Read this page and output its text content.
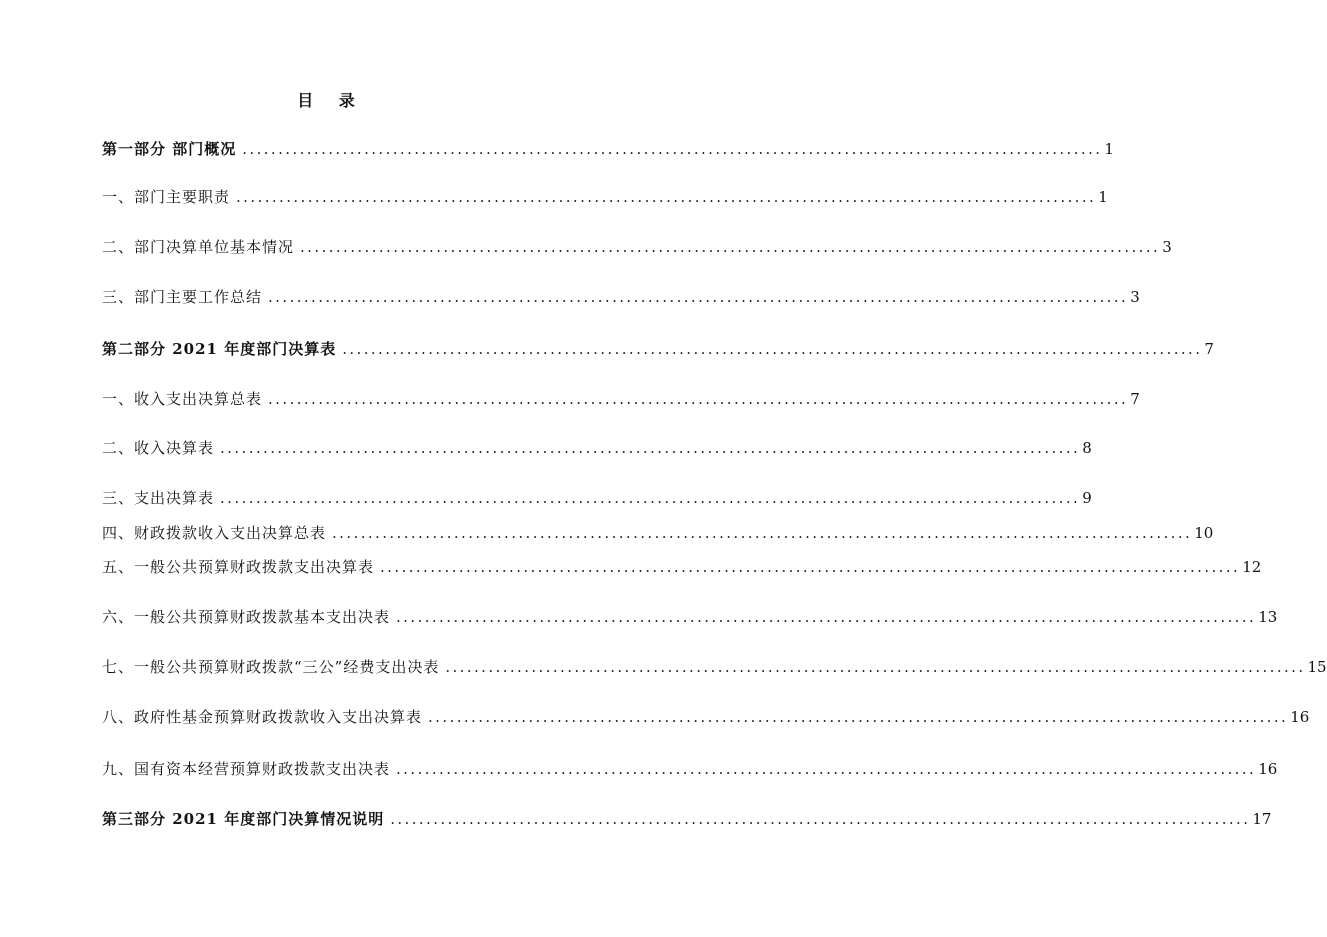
目 录
第一部分 部门概况 ........................................................................................................................ 1
一、部门主要职责 ........................................................................................................................ 1
二、部门决算单位基本情况 ........................................................................................................................ 3
三、部门主要工作总结 ........................................................................................................................ 3
第二部分 2021 年度部门决算表 ........................................................................................................................ 7
一、收入支出决算总表 ........................................................................................................................ 7
二、收入决算表 ........................................................................................................................ 8
三、支出决算表 ........................................................................................................................ 9
四、财政拨款收入支出决算总表 ........................................................................................................................ 10
五、一般公共预算财政拨款支出决算表 ........................................................................................................................ 12
六、一般公共预算财政拨款基本支出决表 ........................................................................................................................ 13
七、一般公共预算财政拨款“三公”经费支出决表 ........................................................................................................................ 15
八、政府性基金预算财政拨款收入支出决算表 ........................................................................................................................ 16
九、国有资本经营预算财政拨款支出决表 ........................................................................................................................ 16
第三部分 2021 年度部门决算情况说明 ........................................................................................................................ 17
